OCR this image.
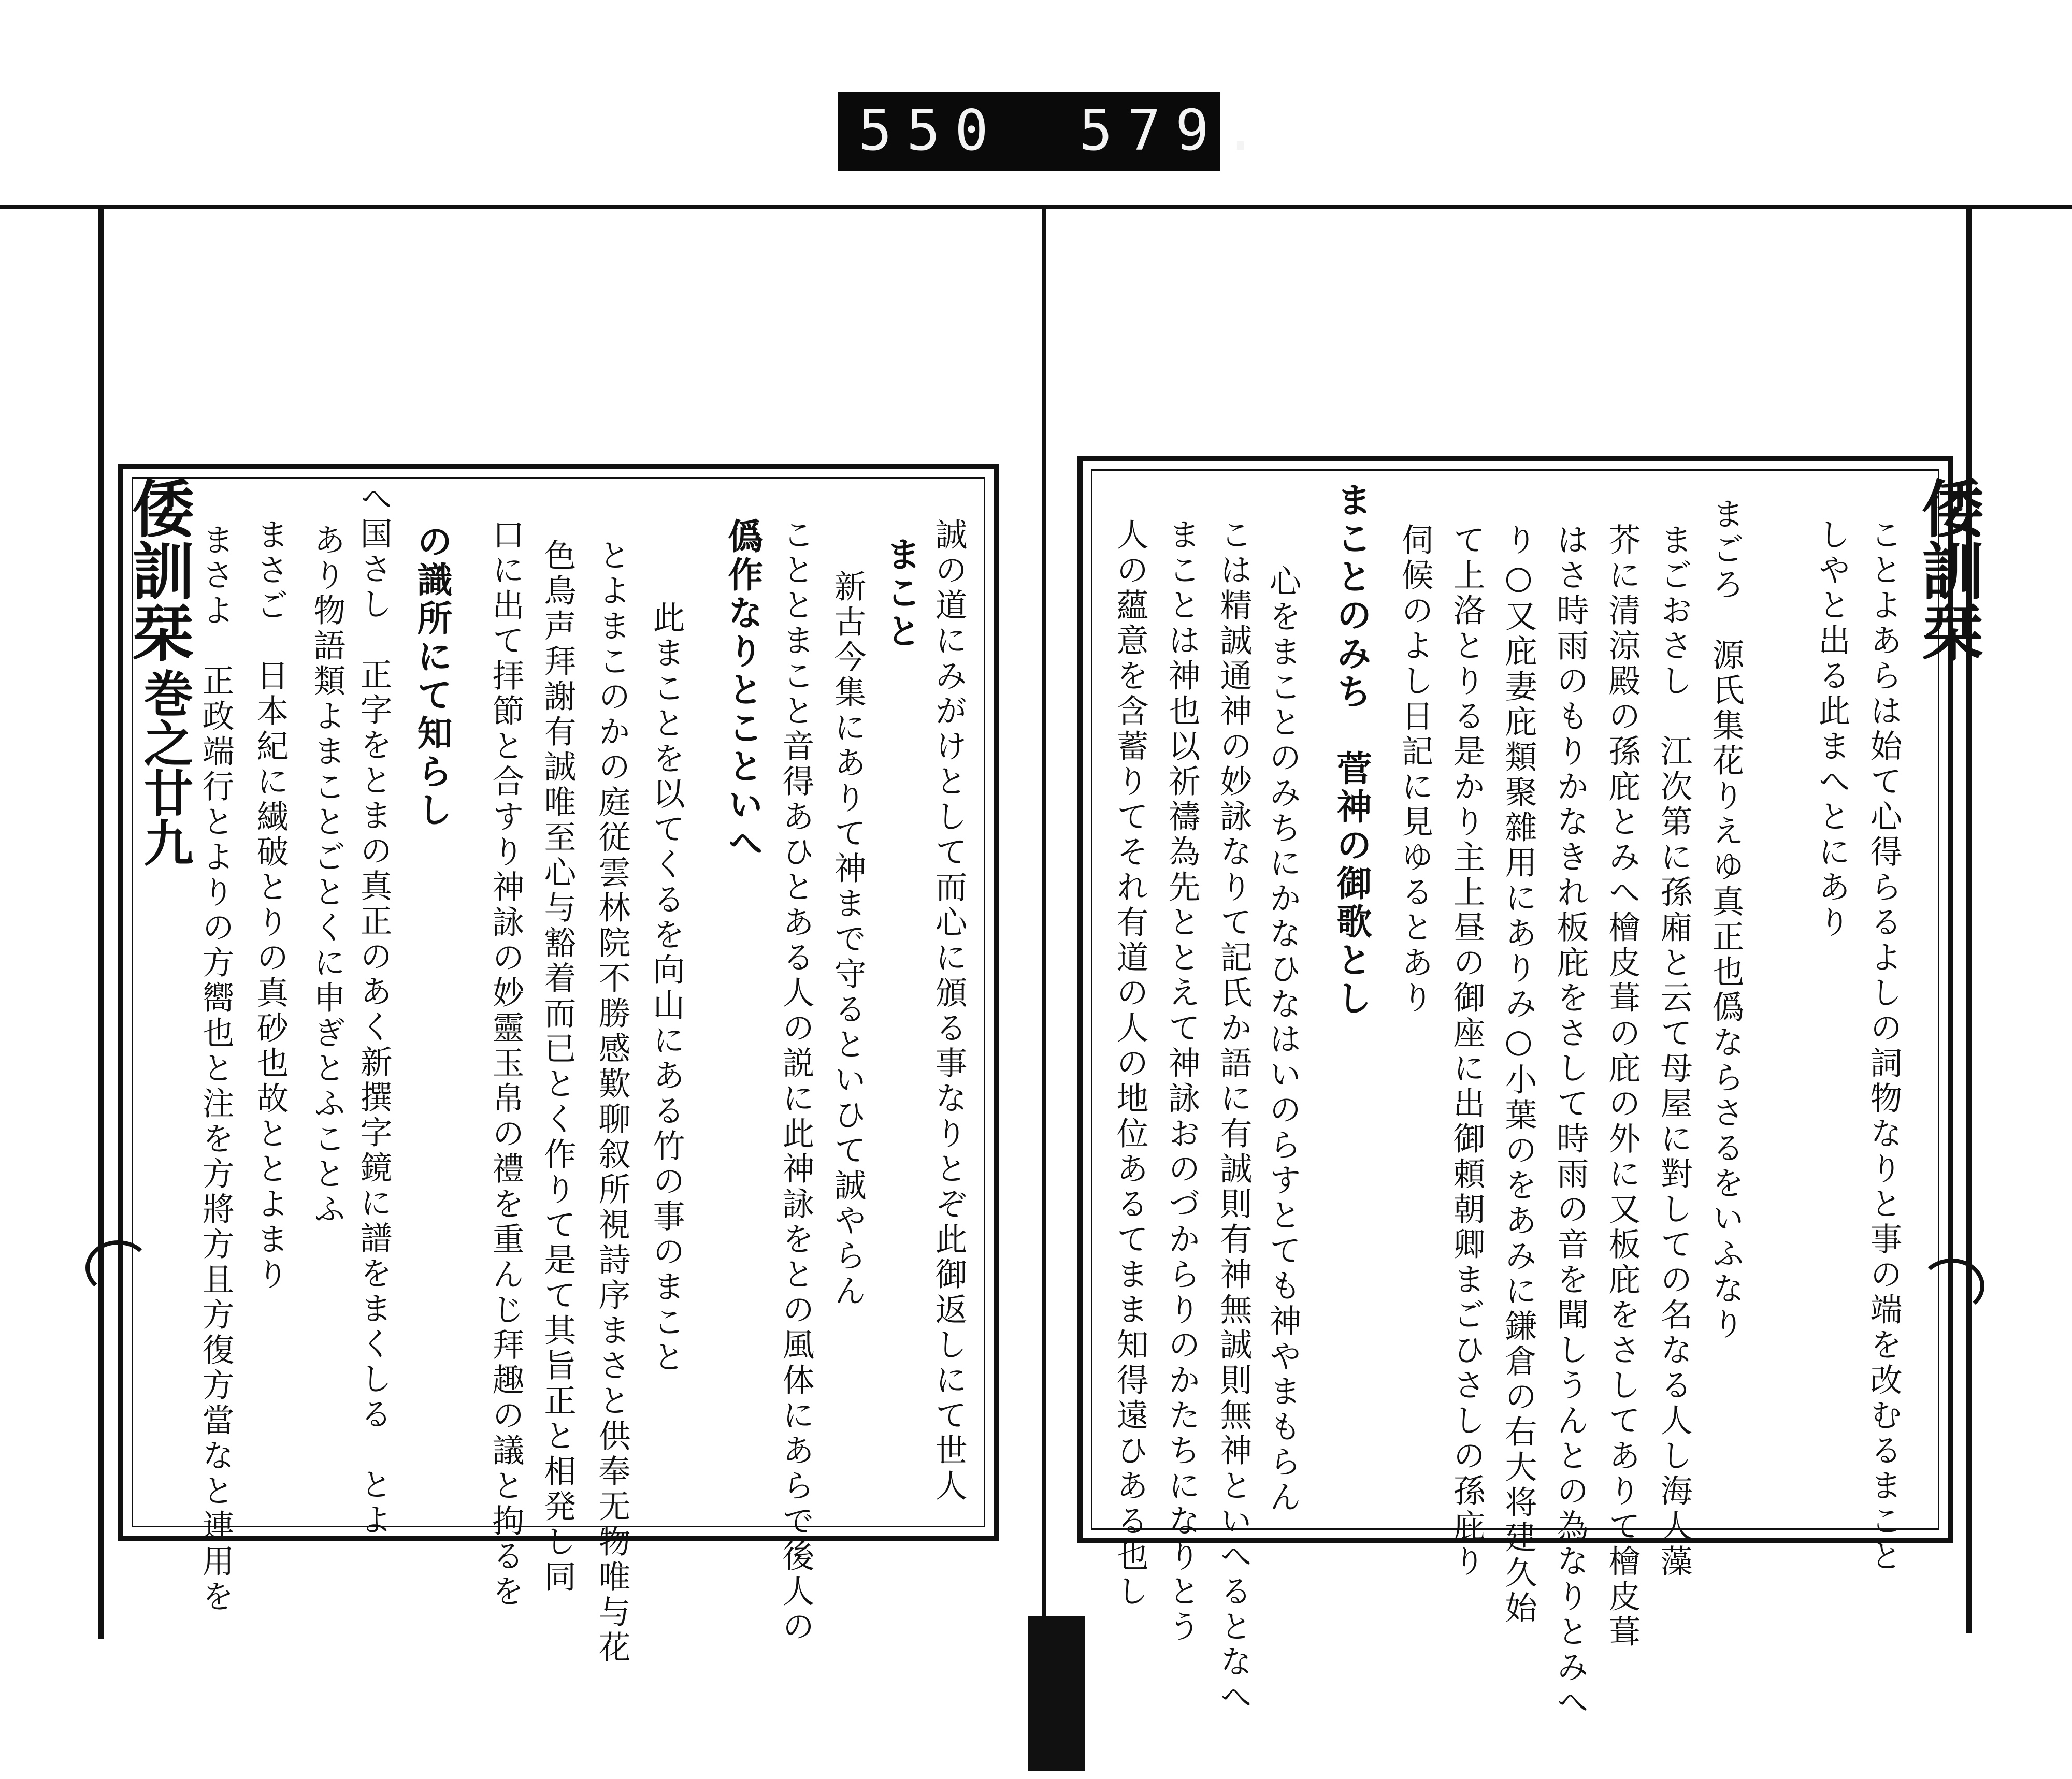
550 579.
倭訓栞
巻之廿九	誠の道にみがけとして而心に頒る事なりとぞ此御返しにて世人
まこと
新古今集にありて神まで守るといひて誠やらん
こととまこと音得あひとある人の説に此神詠をとの風体にあらで後人の
僞作なりとこといへ
此まことを以てくるを向山にある竹の事のまこと
とよまこのかの庭従雲林院不勝感歎聊叙所視詩序まさと供奉无物唯与花
色鳥声拜謝有誠唯至心与豁着而已とく作りて是て其旨正と相発し同
口に出て拝節と合すり神詠の妙靈玉帛の禮を重んじ拜趣の議と拘るを
の識所にて知らし
へ国さし　正字をとまの真正のあく新撰字鏡に譜をまくしる　とよ
あり物語類よまことごとくに申ぎとふことふ
まさご　日本紀に繊破とりの真砂也故ととよまり
まさよ　正政端行とよりの方嚮也と注を方將方且方復方當なと連用を	倭訓栞
ことよあらは始て心得らるよしの詞物なりと事の端を改むるまこと
しやと出る此まへとにあり
まごろ　源氏集花りえゆ真正也僞ならさるをいふなり
まごおさし　江次第に孫廂と云て母屋に對しての名なる人し海人藻
芥に清涼殿の孫庇とみへ檜皮葺の庇の外に又板庇をさしてありて檜皮葺
はさ時雨のもりかなきれ板庇をさして時雨の音を聞しうんとの為なりとみへ
り○又庇妻庇類聚雜用にありみ○小葉のをあみに鎌倉の右大将建久始
て上洛とりる是かり主上昼の御座に出御頼朝卿まごひさしの孫庇り
伺候のよし日記に見ゆるとあり
まことのみち　菅神の御歌とし
心をまことのみちにかなひなはいのらすとても神やまもらん
こは精誠通神の妙詠なりて記氏か語に有誠則有神無誠則無神といへるとなへ
まことは神也以祈禱為先ととえて神詠おのづからりのかたちになりとう
人の蘊意を含蓄りてそれ有道の人の地位あるてまま知得遠ひある也し
